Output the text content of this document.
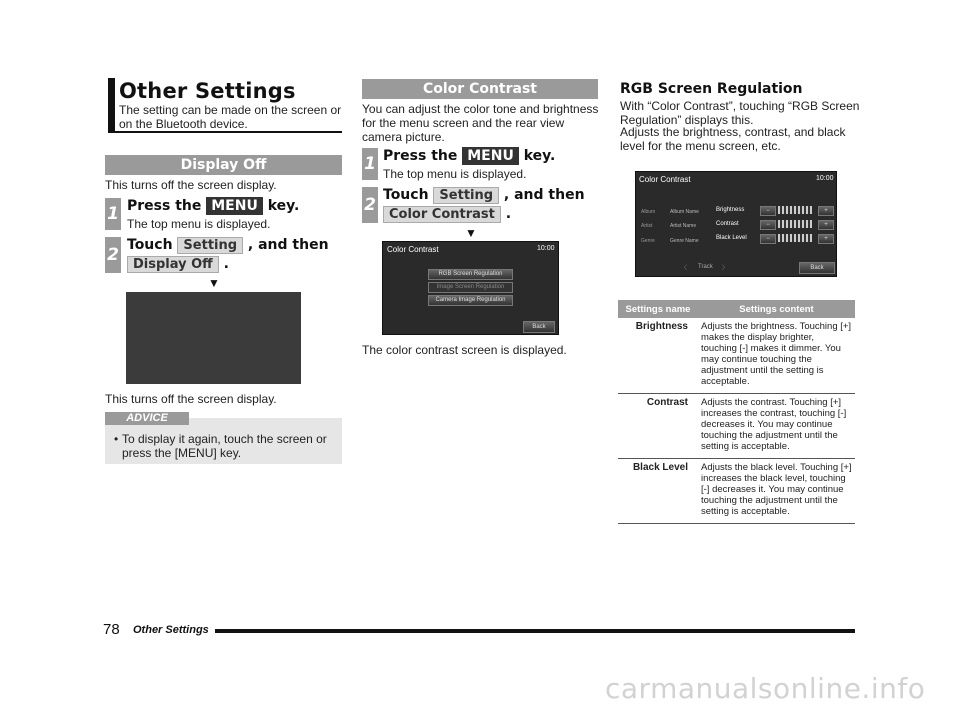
Other Settings
The setting can be made on the screen or on the Bluetooth device.
Display Off
This turns off the screen display.
1 Press the MENU key.
The top menu is displayed.
2 Touch Setting , and then
Display Off .
▼
This turns off the screen display.
ADVICE
• To display it again, touch the screen or press the [MENU] key.
Color Contrast
You can adjust the color tone and brightness for the menu screen and the rear view camera picture.
1 Press the MENU key.
The top menu is displayed.
2 Touch Setting , and then
Color Contrast .
▼
Color Contrast	10:00
RGB Screen Regulation
Image Screen Regulation
Camera Image Regulation
Back
The color contrast screen is displayed.
RGB Screen Regulation
With “Color Contrast”, touching “RGB Screen Regulation” displays this.
Adjusts the brightness, contrast, and black level for the menu screen, etc.
Color Contrast	10:00
Album
Artist
Genre
Album Name
Artist Name
Genre Name
Brightness
Contrast
Black Level
−
−
−
+
+
+
〈 Track 〉	Back
Settings name	Settings content
Brightness	Adjusts the brightness. Touching [+] makes the display brighter, touching [-] makes it dimmer. You may continue touching the adjustment until the setting is acceptable.
Contrast	Adjusts the contrast. Touching [+] increases the contrast, touching [-] decreases it. You may continue touching the adjustment until the setting is acceptable.
Black Level	Adjusts the black level. Touching [+] increases the black level, touching [-] decreases it. You may continue touching the adjustment until the setting is acceptable.
78 Other Settings
carmanualsonline.info
